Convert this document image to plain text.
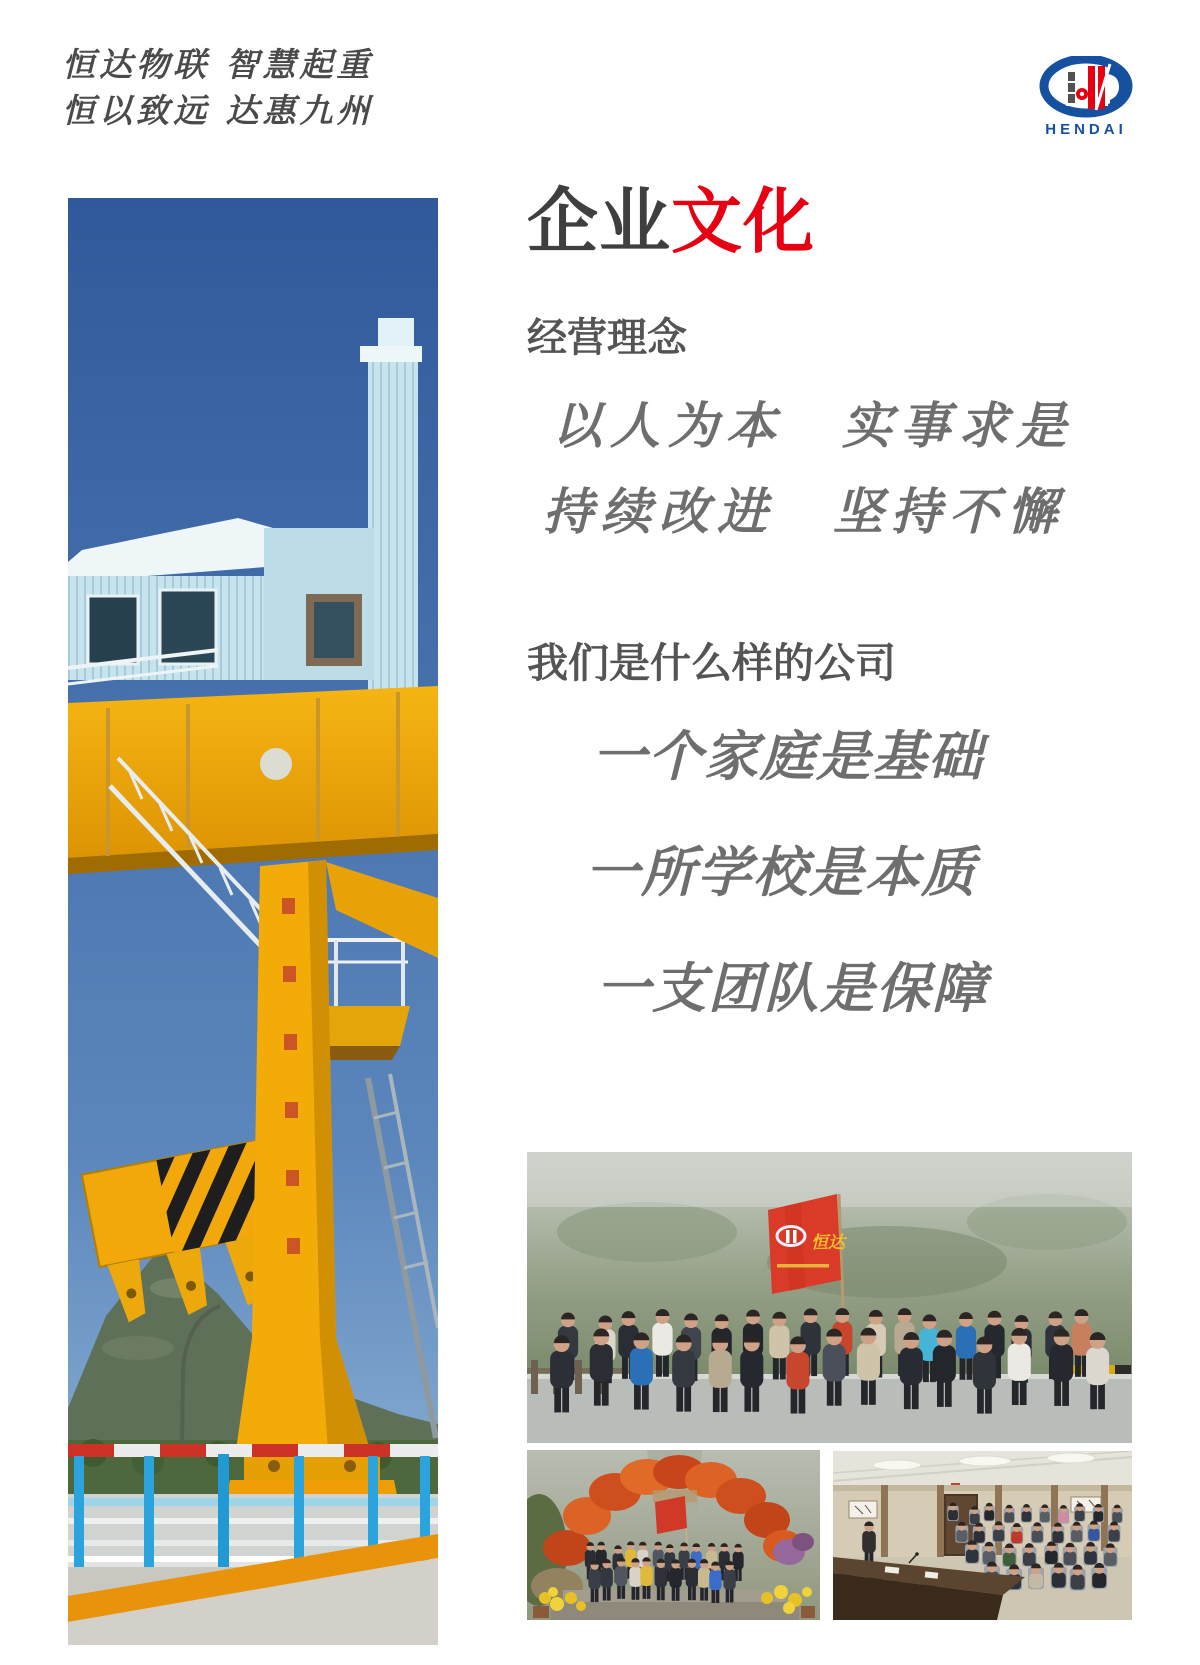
恒达物联 智慧起重
恒以致远 达惠九州	HENDAI
企业文化
经营理念
以人为本　实事求是
持续改进　坚持不懈
我们是什么样的公司
一个家庭是基础
一所学校是本质
一支团队是保障
恒达
